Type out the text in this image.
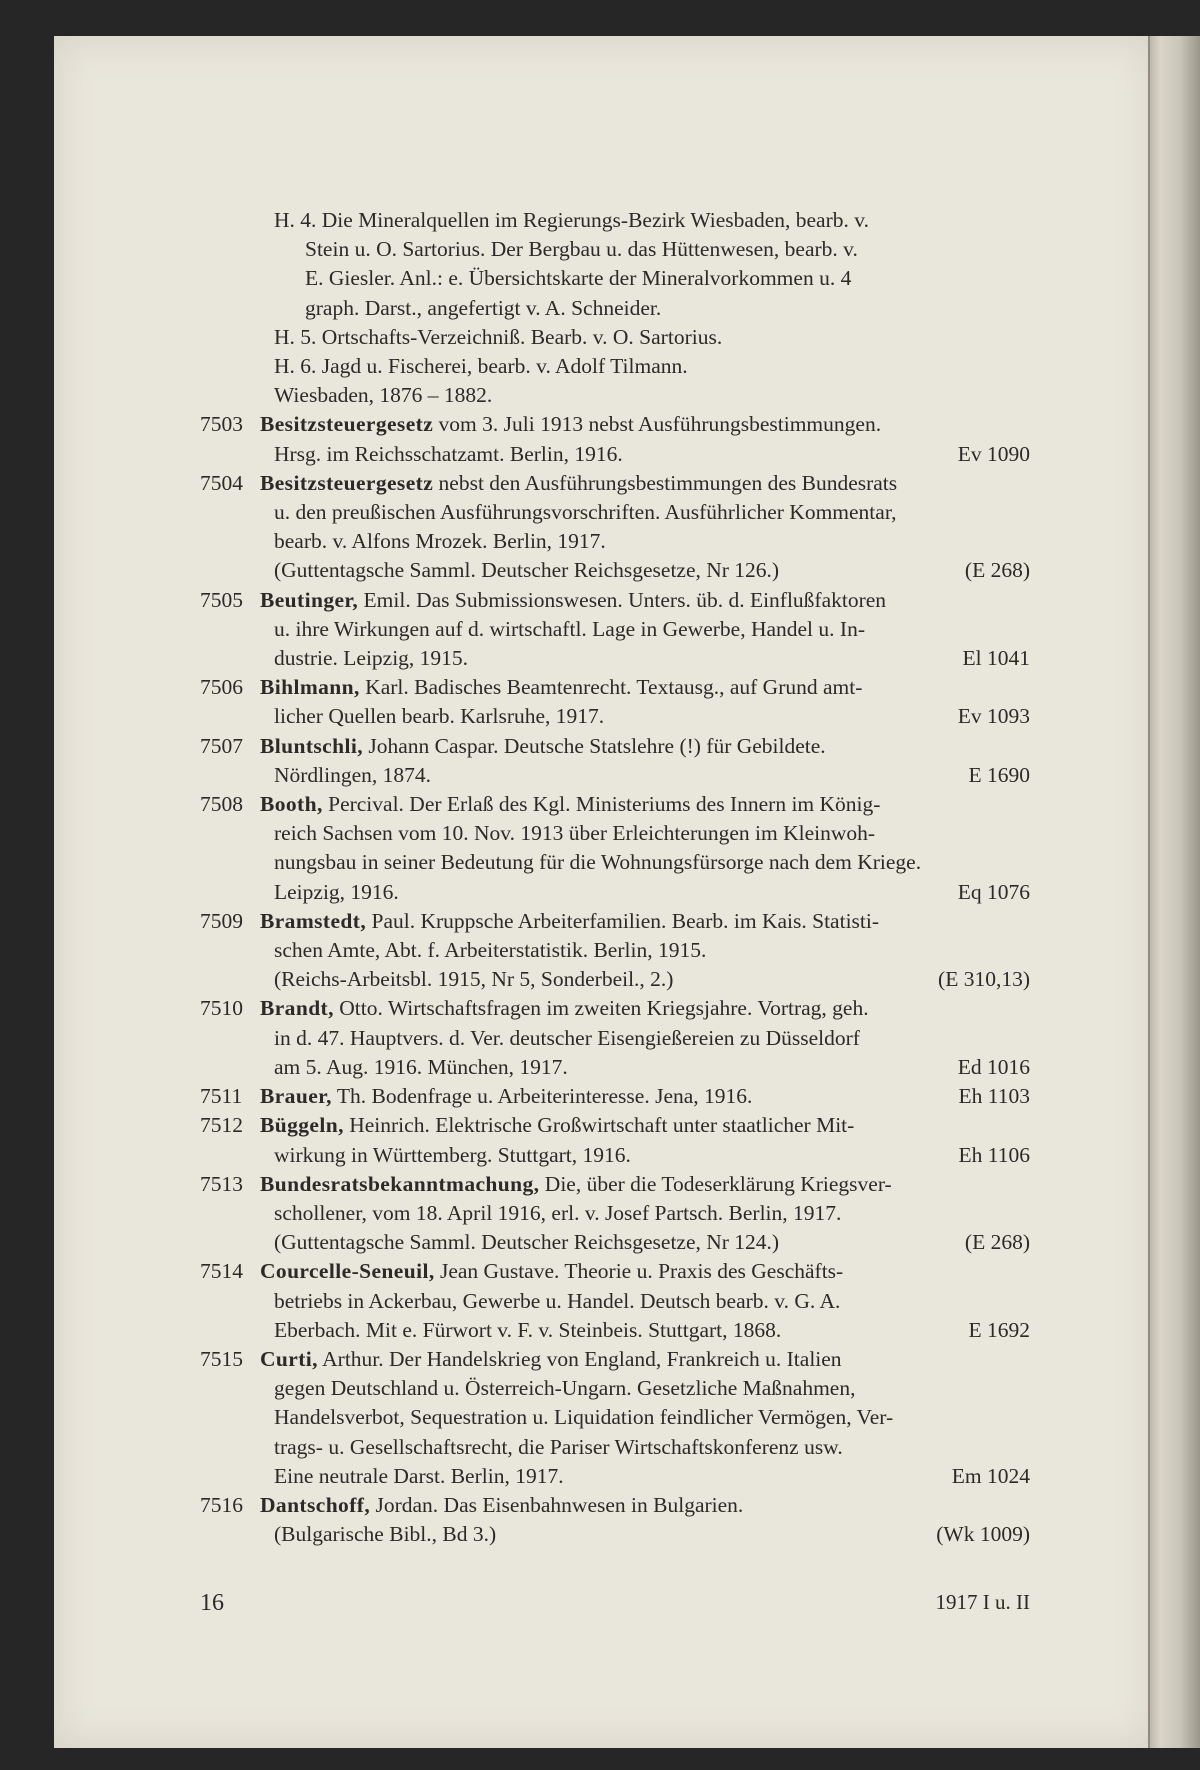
H. 4. Die Mineralquellen im Regierungs-Bezirk Wiesbaden, bearb. v.
Stein u. O. Sartorius. Der Bergbau u. das Hüttenwesen, bearb. v.
E. Giesler. Anl.: e. Übersichtskarte der Mineralvorkommen u. 4
graph. Darst., angefertigt v. A. Schneider.
H. 5. Ortschafts-Verzeichniß. Bearb. v. O. Sartorius.
H. 6. Jagd u. Fischerei, bearb. v. Adolf Tilmann.
Wiesbaden, 1876 – 1882.
7503 Besitzsteuergesetz vom 3. Juli 1913 nebst Ausführungsbestimmungen.
Hrsg. im Reichsschatzamt. Berlin, 1916.	Ev 1090
7504 Besitzsteuergesetz nebst den Ausführungsbestimmungen des Bundesrats
u. den preußischen Ausführungsvorschriften. Ausführlicher Kommentar,
bearb. v. Alfons Mrozek. Berlin, 1917.
(Guttentagsche Samml. Deutscher Reichsgesetze, Nr 126.)	(E 268)
7505 Beutinger, Emil. Das Submissionswesen. Unters. üb. d. Einflußfaktoren
u. ihre Wirkungen auf d. wirtschaftl. Lage in Gewerbe, Handel u. In-
dustrie. Leipzig, 1915.	El 1041
7506 Bihlmann, Karl. Badisches Beamtenrecht. Textausg., auf Grund amt-
licher Quellen bearb. Karlsruhe, 1917.	Ev 1093
7507 Bluntschli, Johann Caspar. Deutsche Statslehre (!) für Gebildete.
Nördlingen, 1874.	E 1690
7508 Booth, Percival. Der Erlaß des Kgl. Ministeriums des Innern im König-
reich Sachsen vom 10. Nov. 1913 über Erleichterungen im Kleinwoh-
nungsbau in seiner Bedeutung für die Wohnungsfürsorge nach dem Kriege.
Leipzig, 1916.	Eq 1076
7509 Bramstedt, Paul. Kruppsche Arbeiterfamilien. Bearb. im Kais. Statisti-
schen Amte, Abt. f. Arbeiterstatistik. Berlin, 1915.
(Reichs-Arbeitsbl. 1915, Nr 5, Sonderbeil., 2.)	(E 310,13)
7510 Brandt, Otto. Wirtschaftsfragen im zweiten Kriegsjahre. Vortrag, geh.
in d. 47. Hauptvers. d. Ver. deutscher Eisengießereien zu Düsseldorf
am 5. Aug. 1916. München, 1917.	Ed 1016
7511 Brauer, Th. Bodenfrage u. Arbeiterinteresse. Jena, 1916.	Eh 1103
7512 Büggeln, Heinrich. Elektrische Großwirtschaft unter staatlicher Mit-
wirkung in Württemberg. Stuttgart, 1916.	Eh 1106
7513 Bundesratsbekanntmachung, Die, über die Todeserklärung Kriegsver-
schollener, vom 18. April 1916, erl. v. Josef Partsch. Berlin, 1917.
(Guttentagsche Samml. Deutscher Reichsgesetze, Nr 124.)	(E 268)
7514 Courcelle-Seneuil, Jean Gustave. Theorie u. Praxis des Geschäfts-
betriebs in Ackerbau, Gewerbe u. Handel. Deutsch bearb. v. G. A.
Eberbach. Mit e. Fürwort v. F. v. Steinbeis. Stuttgart, 1868.	E 1692
7515 Curti, Arthur. Der Handelskrieg von England, Frankreich u. Italien
gegen Deutschland u. Österreich-Ungarn. Gesetzliche Maßnahmen,
Handelsverbot, Sequestration u. Liquidation feindlicher Vermögen, Ver-
trags- u. Gesellschaftsrecht, die Pariser Wirtschaftskonferenz usw.
Eine neutrale Darst. Berlin, 1917.	Em 1024
7516 Dantschoff, Jordan. Das Eisenbahnwesen in Bulgarien.
(Bulgarische Bibl., Bd 3.)	(Wk 1009)
16	1917 I u. II
